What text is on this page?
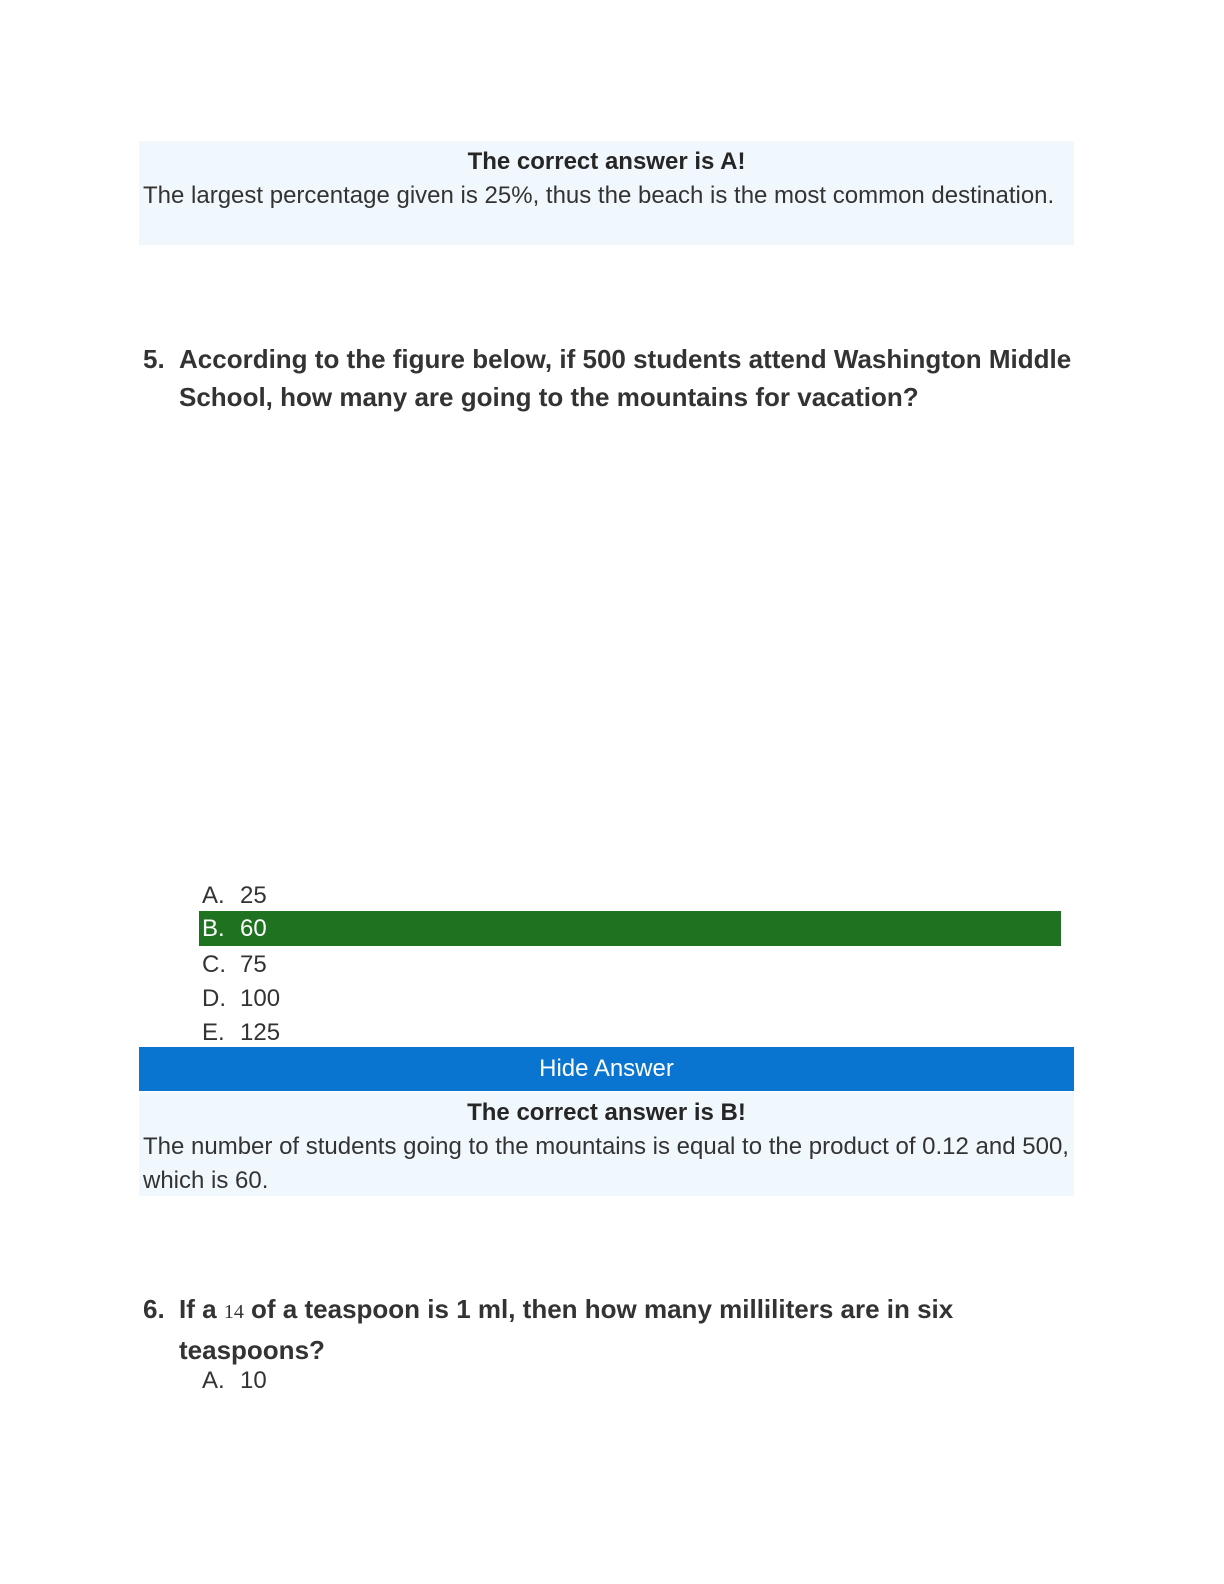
The correct answer is A!
The largest percentage given is 25%, thus the beach is the most common destination.
5. According to the figure below, if 500 students attend Washington Middle School, how many are going to the mountains for vacation?
A. 25
B. 60
C. 75
D. 100
E. 125
Hide Answer
The correct answer is B!
The number of students going to the mountains is equal to the product of 0.12 and 500, which is 60.
6. If a 14 of a teaspoon is 1 ml, then how many milliliters are in six teaspoons?
A. 10
